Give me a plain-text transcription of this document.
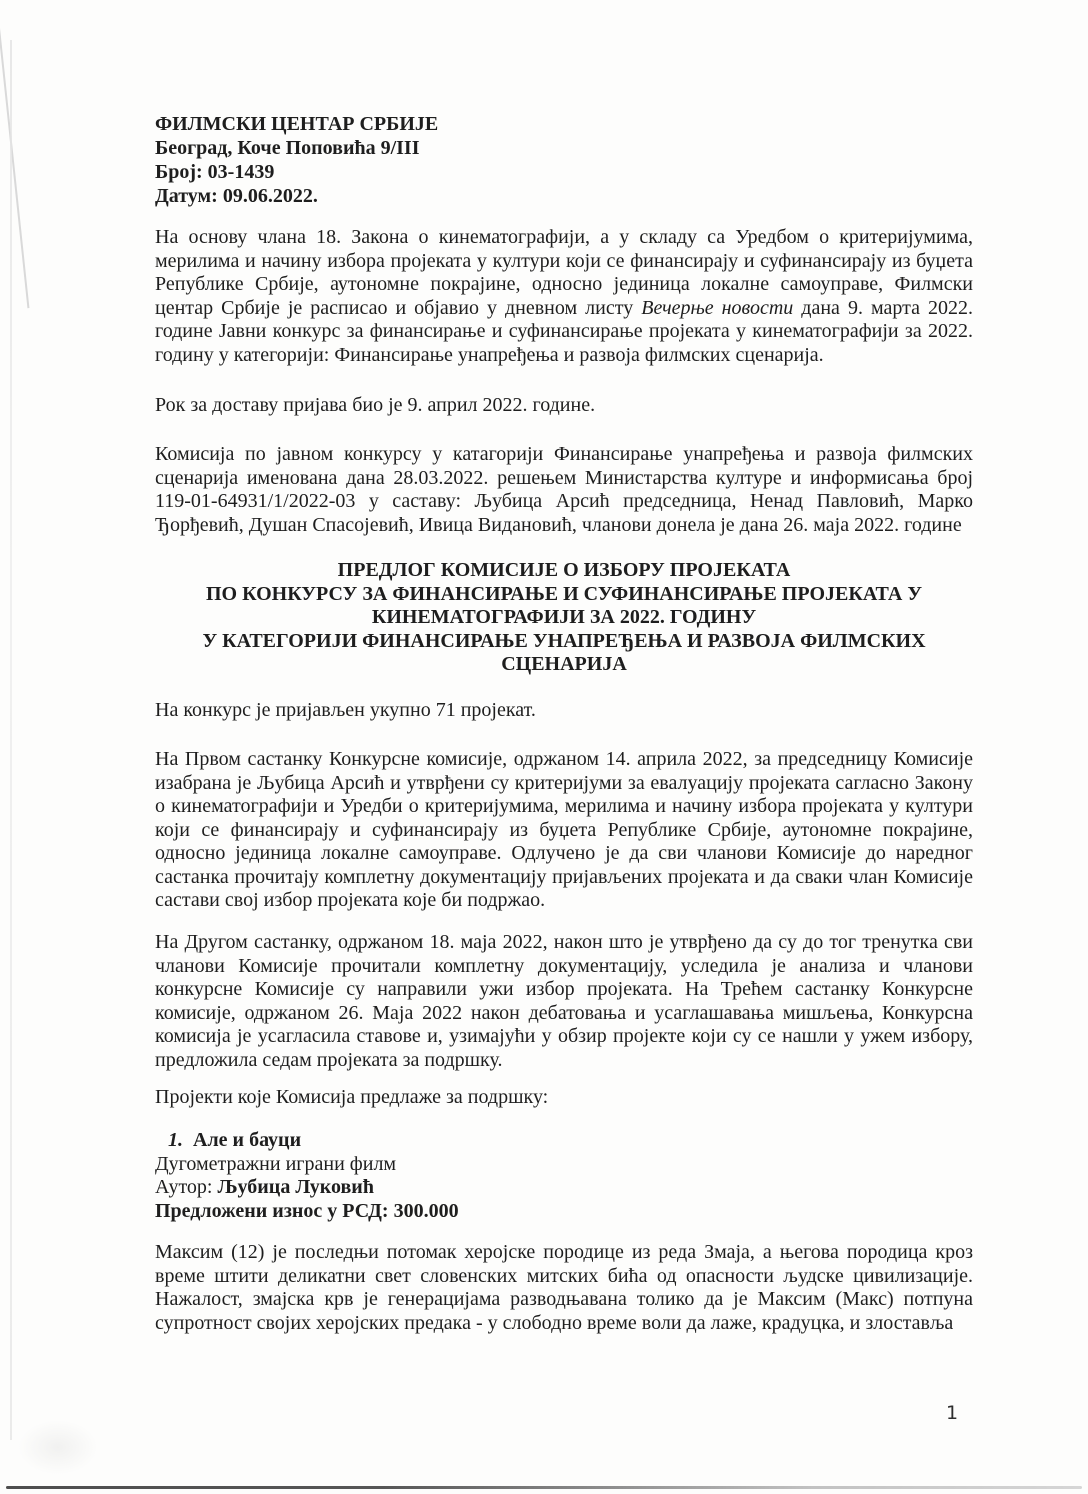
ФИЛМСКИ ЦЕНТАР СРБИЈЕ
Београд, Коче Поповића 9/III
Број: 03-1439
Датум: 09.06.2022.

На основу члана 18. Закона о кинематографији, а у складу са Уредбом о критеријумима, мерилима и начину избора пројеката у култури који се финансирају и суфинансирају из буџета Републике Србије, аутономне покрајине, односно јединица локалне самоуправе, Филмски центар Србије је расписао и објавио у дневном листу Вечерње новости дана 9. марта 2022. године Јавни конкурс за финансирање и суфинансирање пројеката у кинематографији за 2022. годину у категорији: Финансирање унапређења и развоја филмских сценарија.

Рок за доставу пријава био је 9. април 2022. године.

Комисија по јавном конкурсу у катагорији Финансирање унапређења и развоја филмских сценарија именована дана 28.03.2022. решењем Министарства културе и информисања број 119-01-64931/1/2022-03 у саставу: Љубица Арсић председница, Ненад Павловић, Марко Ђорђевић, Душан Спасојевић, Ивица Видановић, чланови донела је дана 26. маја 2022. године

ПРЕДЛОГ КОМИСИЈЕ О ИЗБОРУ ПРОЈЕКАТА
ПО КОНКУРСУ ЗА ФИНАНСИРАЊЕ И СУФИНАНСИРАЊЕ ПРОЈЕКАТА У
КИНЕМАТОГРАФИЈИ ЗА 2022. ГОДИНУ
У КАТЕГОРИЈИ ФИНАНСИРАЊЕ УНАПРЕЂЕЊА И РАЗВОЈА ФИЛМСКИХ
СЦЕНАРИЈА

На конкурс је пријављен укупно 71 пројекат.

На Првом састанку Конкурсне комисије, одржаном 14. априла 2022, за председницу Комисије изабрана је Љубица Арсић и утврђени су критеријуми за евалуацију пројеката сагласно Закону о кинематографији и Уредби о критеријумима, мерилима и начину избора пројеката у култури који се финансирају и суфинансирају из буџета Републике Србије, аутономне покрајине, односно јединица локалне самоуправе. Одлучено је да сви чланови Комисије до наредног састанка прочитају комплетну документацију пријављених пројеката и да сваки члан Комисије састави свој избор пројеката које би подржао.

На Другом састанку, одржаном 18. маја 2022, након што је утврђено да су до тог тренутка сви чланови Комисије прочитали комплетну документацију, уследила је анализа и чланови конкурсне Комисије су направили ужи избор пројеката. На Трећем састанку Конкурсне комисије, одржаном 26. Маја 2022 након дебатовања и усаглашавања мишљења, Конкурсна комисија је усагласила ставове и, узимајући у обзир пројекте који су се нашли у ужем избору, предложила седам пројеката за подршку.

Пројекти које Комисија предлаже за подршку:

1. Але и бауци
Дугометражни играни филм
Аутор: Љубица Луковић
Предложени износ у РСД: 300.000

Максим (12) је последњи потомак херојске породице из реда Змаја, а његова породица кроз време штити деликатни свет словенских митских бића од опасности људске цивилизације. Нажалост, змајска крв је генерацијама разводњавана толико да је Максим (Макс) потпуна супротност својих херојских предака - у слободно време воли да лаже, крадуцка, и злоставља

1
